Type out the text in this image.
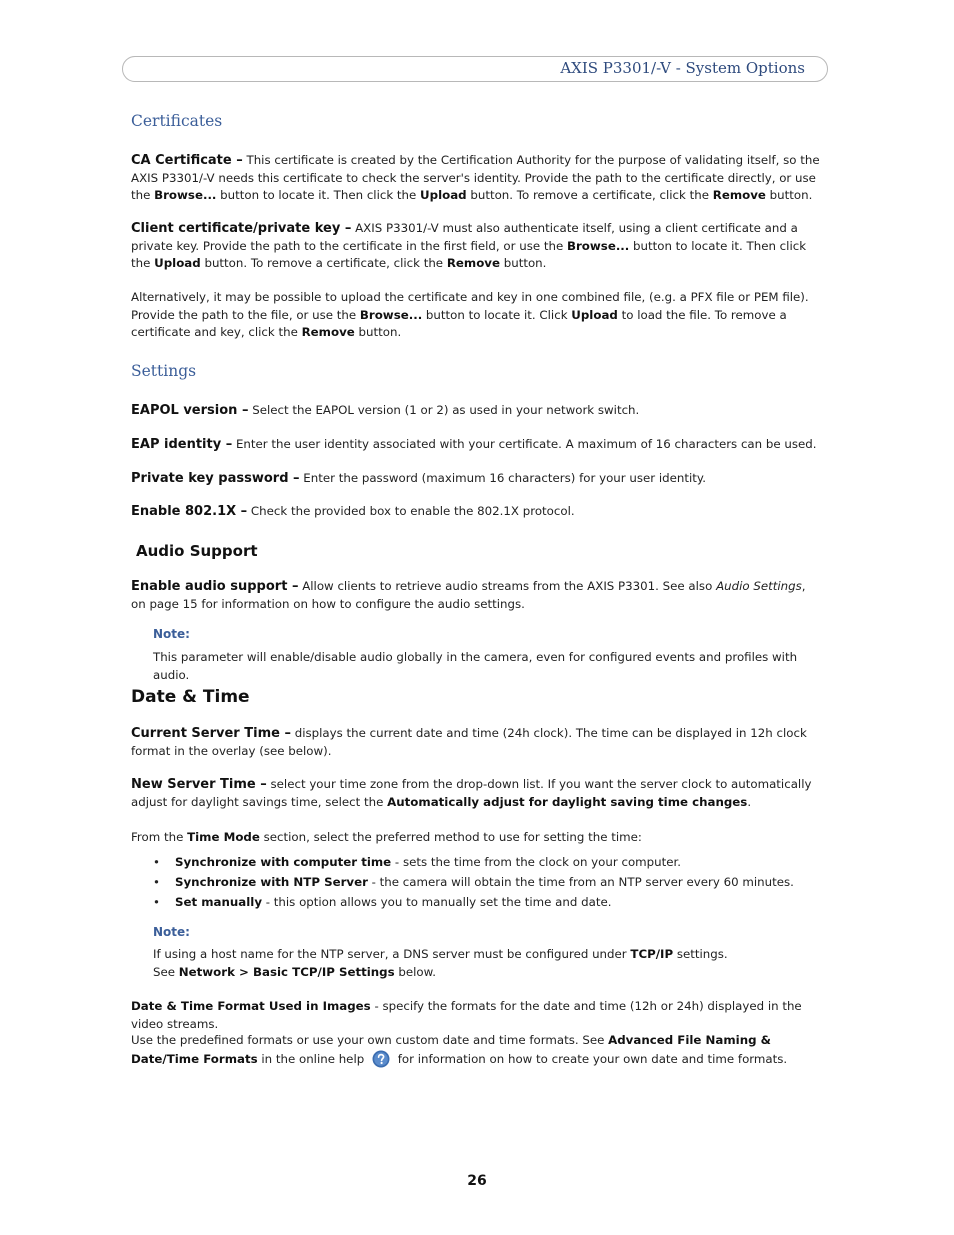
AXIS P3301/-V - System Options
Certificates

CA Certificate – This certificate is created by the Certification Authority for the purpose of validating itself, so the AXIS P3301/-V needs this certificate to check the server's identity. Provide the path to the certificate directly, or use the Browse... button to locate it. Then click the Upload button. To remove a certificate, click the Remove button.

Client certificate/private key – AXIS P3301/-V must also authenticate itself, using a client certificate and a private key. Provide the path to the certificate in the first field, or use the Browse... button to locate it. Then click the Upload button. To remove a certificate, click the Remove button.

Alternatively, it may be possible to upload the certificate and key in one combined file, (e.g. a PFX file or PEM file). Provide the path to the file, or use the Browse... button to locate it. Click Upload to load the file. To remove a certificate and key, click the Remove button.

Settings

EAPOL version – Select the EAPOL version (1 or 2) as used in your network switch.

EAP identity – Enter the user identity associated with your certificate. A maximum of 16 characters can be used.

Private key password – Enter the password (maximum 16 characters) for your user identity.

Enable 802.1X – Check the provided box to enable the 802.1X protocol.

Audio Support

Enable audio support – Allow clients to retrieve audio streams from the AXIS P3301. See also Audio Settings, on page 15 for information on how to configure the audio settings.

Note:

This parameter will enable/disable audio globally in the camera, even for configured events and profiles with audio.

Date & Time

Current Server Time – displays the current date and time (24h clock). The time can be displayed in 12h clock format in the overlay (see below).

New Server Time – select your time zone from the drop-down list. If you want the server clock to automatically adjust for daylight savings time, select the Automatically adjust for daylight saving time changes.

From the Time Mode section, select the preferred method to use for setting the time:

• Synchronize with computer time - sets the time from the clock on your computer.
• Synchronize with NTP Server - the camera will obtain the time from an NTP server every 60 minutes.
• Set manually - this option allows you to manually set the time and date.
Note:

If using a host name for the NTP server, a DNS server must be configured under TCP/IP settings.
See Network > Basic TCP/IP Settings below.

Date & Time Format Used in Images - specify the formats for the date and time (12h or 24h) displayed in the video streams.

Use the predefined formats or use your own custom date and time formats. See Advanced File Naming & Date/Time Formats in the online help  for information on how to create your own date and time formats.

26
